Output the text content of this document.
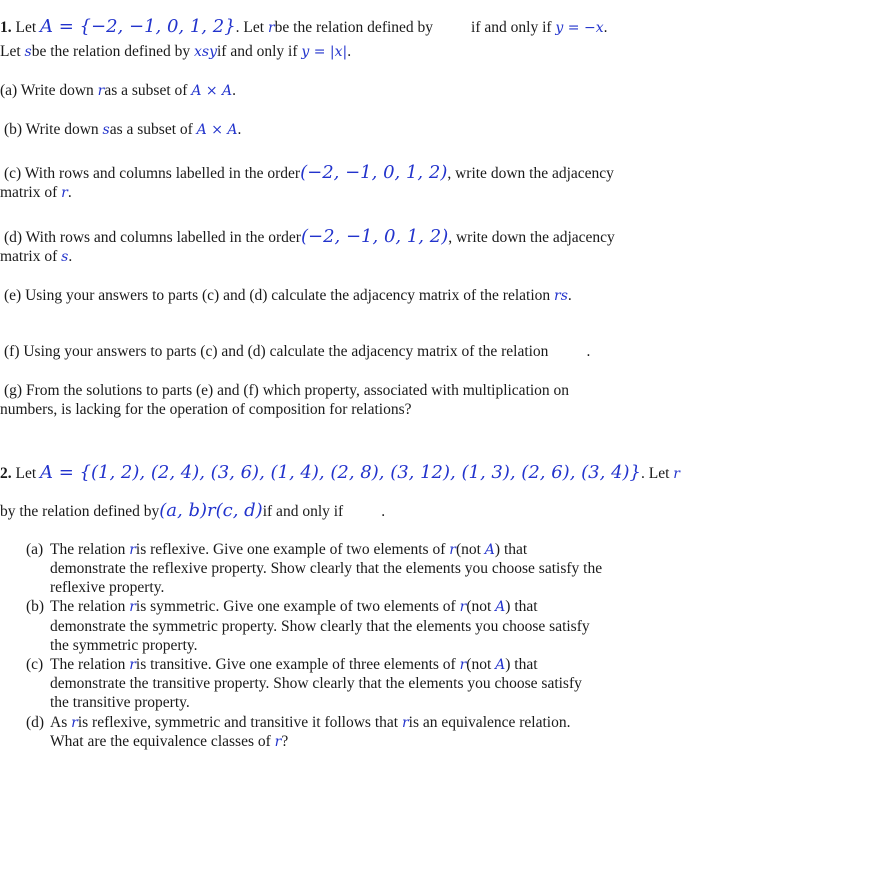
1. Let A = {−2, −1, 0, 1, 2}. Let rbe the relation defined by if and only if y = −x.
Let sbe the relation defined by xsyif and only if y = |x|.
(a) Write down ras a subset of A × A.
(b) Write down sas a subset of A × A.
(c) With rows and columns labelled in the order(−2, −1, 0, 1, 2), write down the adjacency
matrix of r.
(d) With rows and columns labelled in the order(−2, −1, 0, 1, 2), write down the adjacency
matrix of s.
(e) Using your answers to parts (c) and (d) calculate the adjacency matrix of the relation rs.
(f) Using your answers to parts (c) and (d) calculate the adjacency matrix of the relation .
(g) From the solutions to parts (e) and (f) which property, associated with multiplication on
numbers, is lacking for the operation of composition for relations?
2. Let A = {(1, 2), (2, 4), (3, 6), (1, 4), (2, 8), (3, 12), (1, 3), (2, 6), (3, 4)}. Let r
by the relation defined by(a, b)r(c, d)if and only if .
(a) The relation ris reflexive. Give one example of two elements of r(not A) that
demonstrate the reflexive property. Show clearly that the elements you choose satisfy the
reflexive property.
(b) The relation ris symmetric. Give one example of two elements of r(not A) that
demonstrate the symmetric property. Show clearly that the elements you choose satisfy
the symmetric property.
(c) The relation ris transitive. Give one example of three elements of r(not A) that
demonstrate the transitive property. Show clearly that the elements you choose satisfy
the transitive property.
(d) As ris reflexive, symmetric and transitive it follows that ris an equivalence relation.
What are the equivalence classes of r?
